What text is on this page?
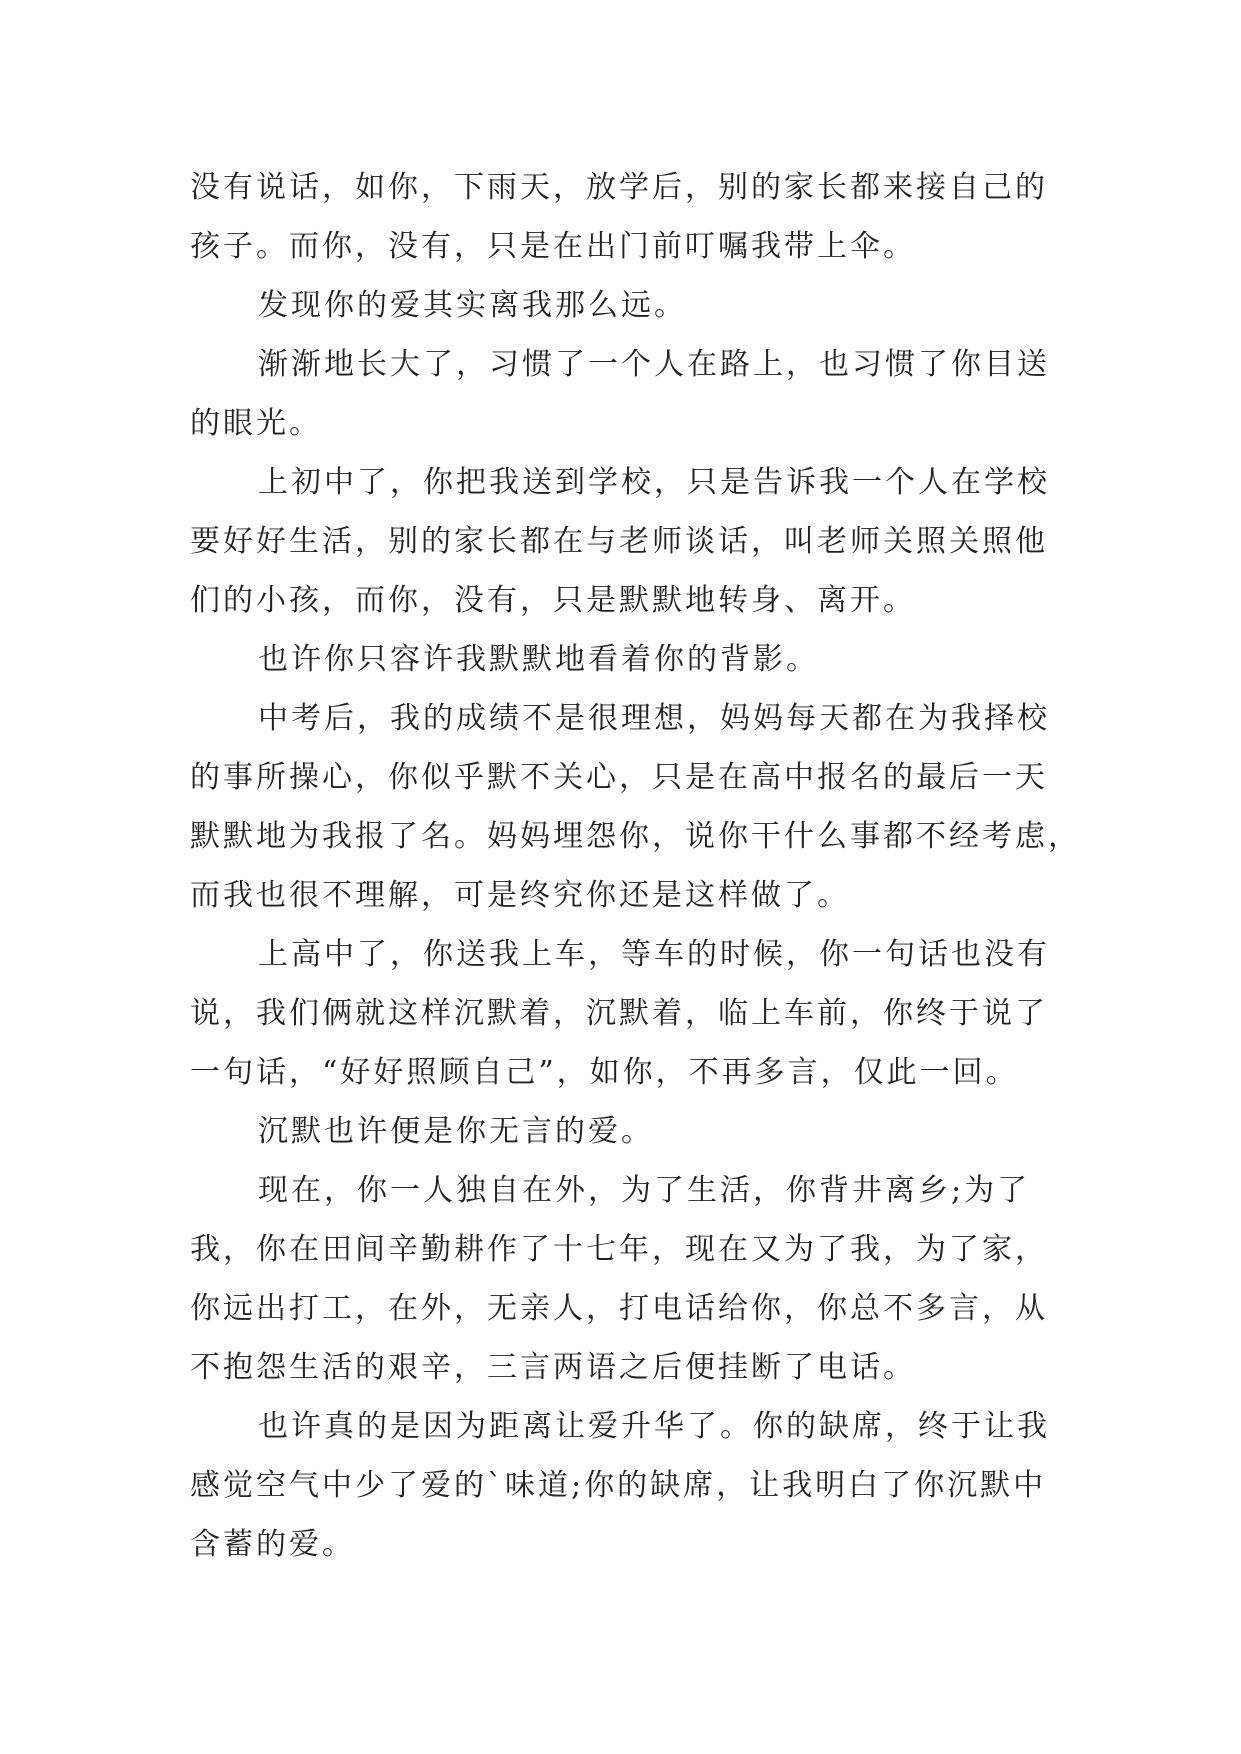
没有说话，如你，下雨天，放学后，别的家长都来接自己的
孩子。而你，没有，只是在出门前叮嘱我带上伞。

发现你的爱其实离我那么远。

渐渐地长大了，习惯了一个人在路上，也习惯了你目送
的眼光。

上初中了，你把我送到学校，只是告诉我一个人在学校
要好好生活，别的家长都在与老师谈话，叫老师关照关照他
们的小孩，而你，没有，只是默默地转身、离开。

也许你只容许我默默地看着你的背影。

中考后，我的成绩不是很理想，妈妈每天都在为我择校
的事所操心，你似乎默不关心，只是在高中报名的最后一天
默默地为我报了名。妈妈埋怨你，说你干什么事都不经考虑，
而我也很不理解，可是终究你还是这样做了。

上高中了，你送我上车，等车的时候，你一句话也没有
说，我们俩就这样沉默着，沉默着，临上车前，你终于说了
一句话，“好好照顾自己”，如你，不再多言，仅此一回。

沉默也许便是你无言的爱。

现在，你一人独自在外，为了生活，你背井离乡;为了
我，你在田间辛勤耕作了十七年，现在又为了我，为了家，
你远出打工，在外，无亲人，打电话给你，你总不多言，从
不抱怨生活的艰辛，三言两语之后便挂断了电话。

也许真的是因为距离让爱升华了。你的缺席，终于让我
感觉空气中少了爱的`味道;你的缺席，让我明白了你沉默中
含蓄的爱。
